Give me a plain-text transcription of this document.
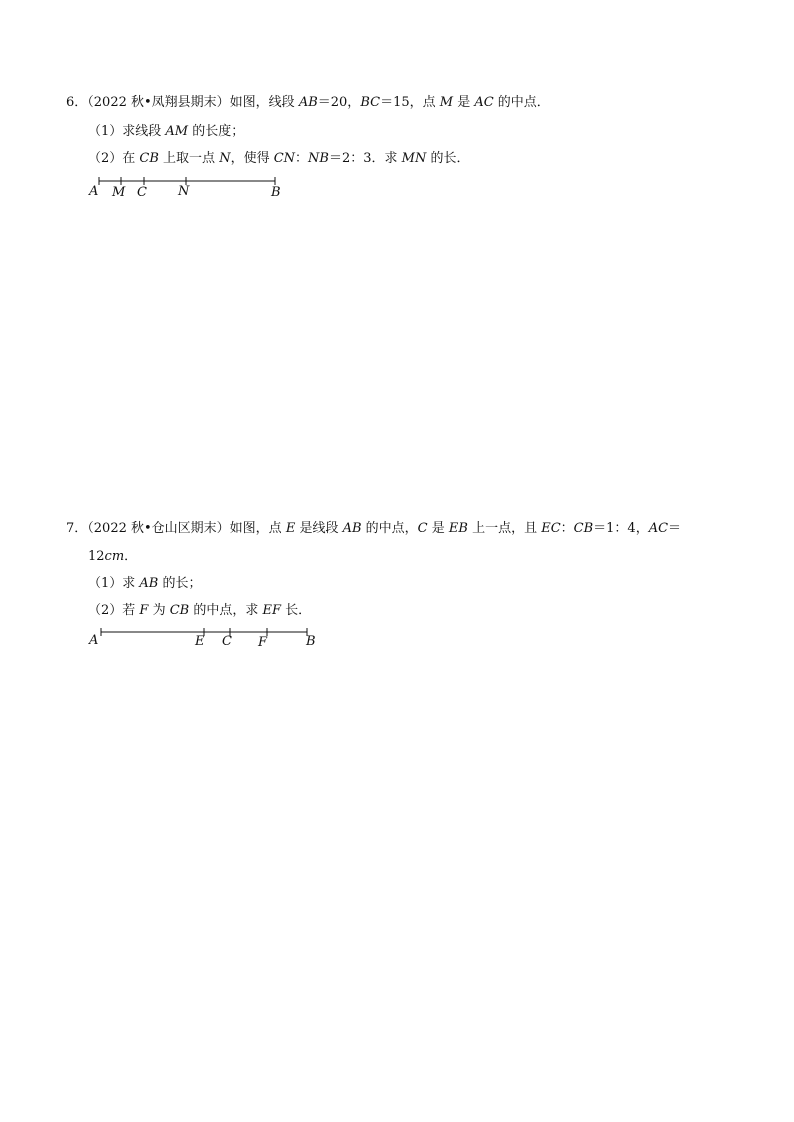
6．（2022 秋•凤翔县期末）如图，线段 AB＝20，BC＝15，点 M 是 AC 的中点．
（1）求线段 AM 的长度；
（2）在 CB 上取一点 N，使得 CN：NB＝2：3．求 MN 的长．
A M C N	B
7．（2022 秋•仓山区期末）如图，点 E 是线段 AB 的中点，C 是 EB 上一点，且 EC：CB＝1：4，AC＝
12cm．
（1）求 AB 的长；
（2）若 F 为 CB 的中点，求 EF 长．
A	E C F	B
